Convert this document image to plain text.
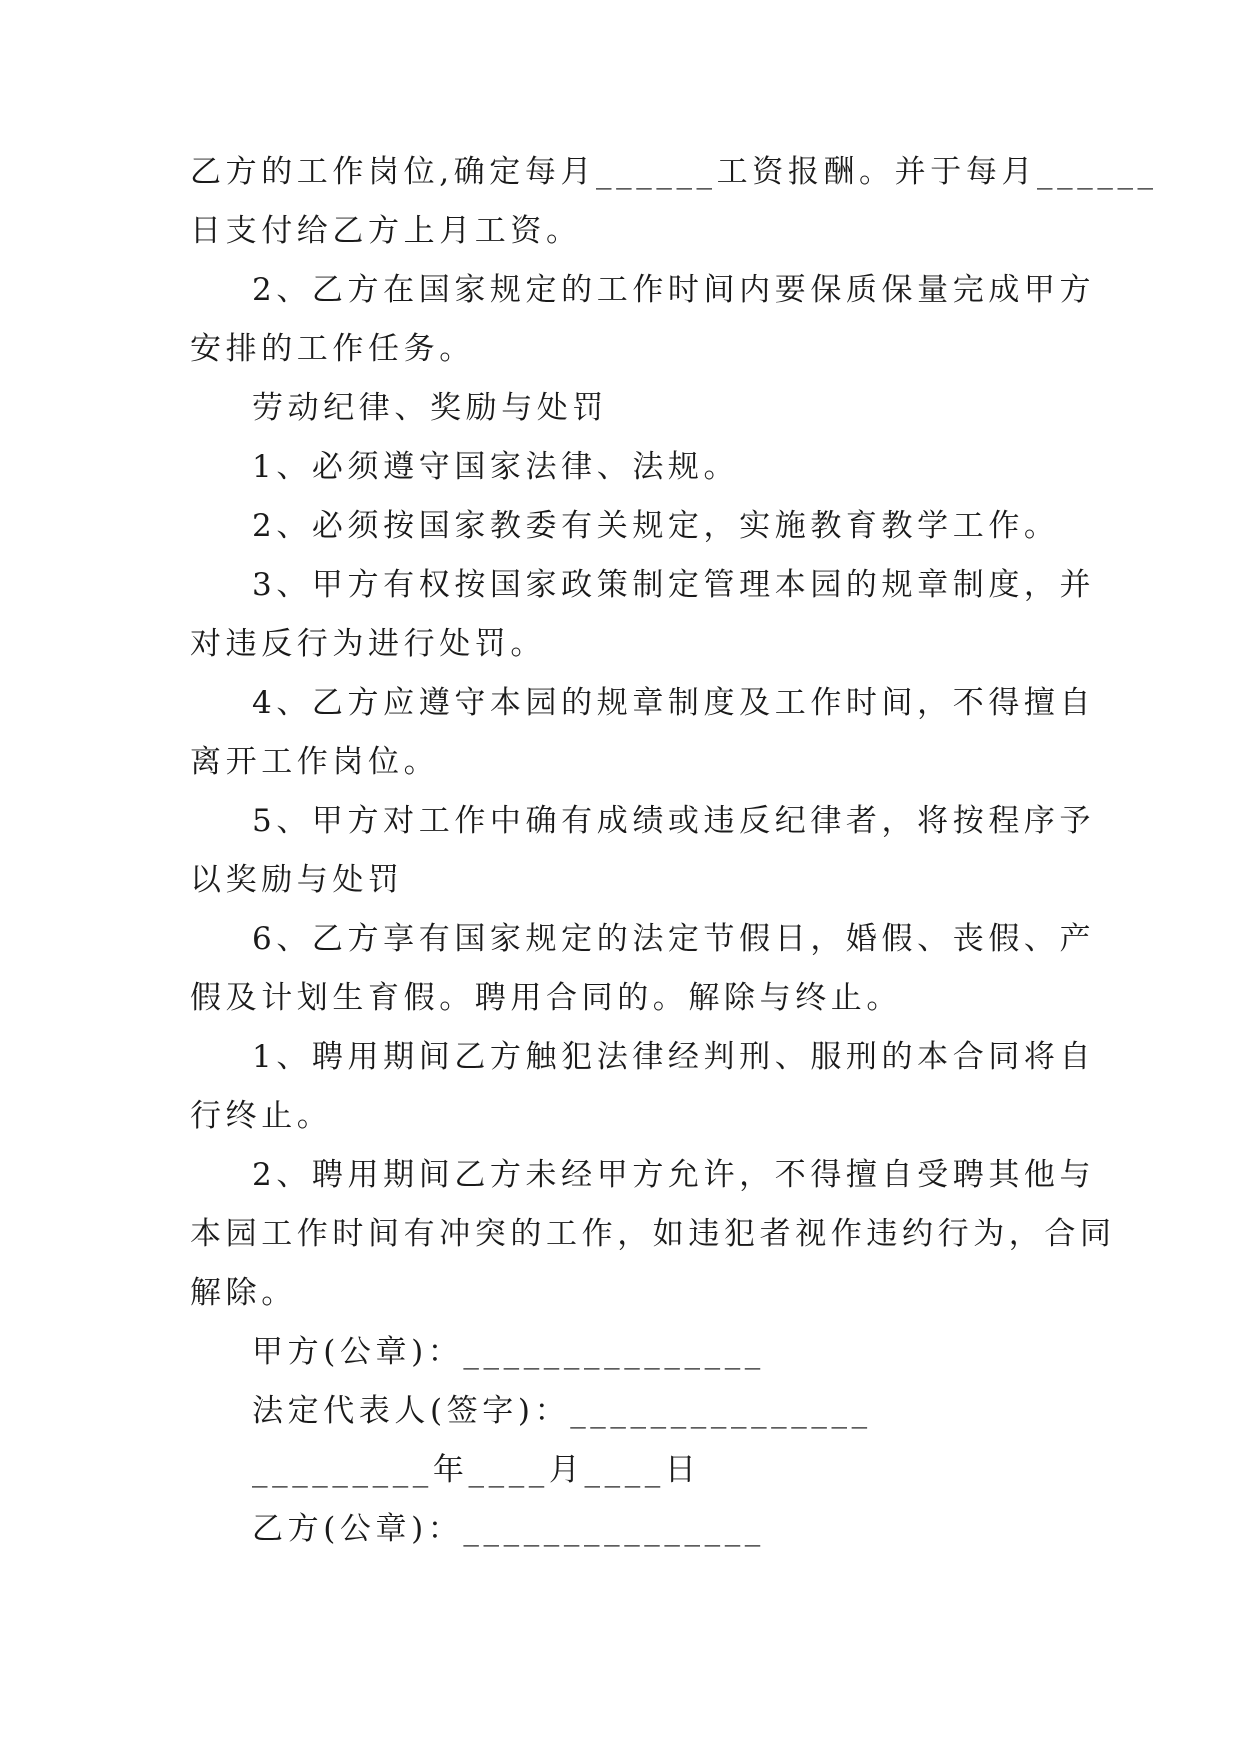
乙方的工作岗位,确定每月______工资报酬。并于每月______
日支付给乙方上月工资。
2、乙方在国家规定的工作时间内要保质保量完成甲方
安排的工作任务。
劳动纪律、奖励与处罚
1、必须遵守国家法律、法规。
2、必须按国家教委有关规定，实施教育教学工作。
3、甲方有权按国家政策制定管理本园的规章制度，并
对违反行为进行处罚。
4、乙方应遵守本园的规章制度及工作时间，不得擅自
离开工作岗位。
5、甲方对工作中确有成绩或违反纪律者，将按程序予
以奖励与处罚
6、乙方享有国家规定的法定节假日，婚假、丧假、产
假及计划生育假。聘用合同的。解除与终止。
1、聘用期间乙方触犯法律经判刑、服刑的本合同将自
行终止。
2、聘用期间乙方未经甲方允许，不得擅自受聘其他与
本园工作时间有冲突的工作，如违犯者视作违约行为，合同
解除。
甲方(公章)：_______________
法定代表人(签字)：_______________
_________年____月____日
乙方(公章)：_______________
